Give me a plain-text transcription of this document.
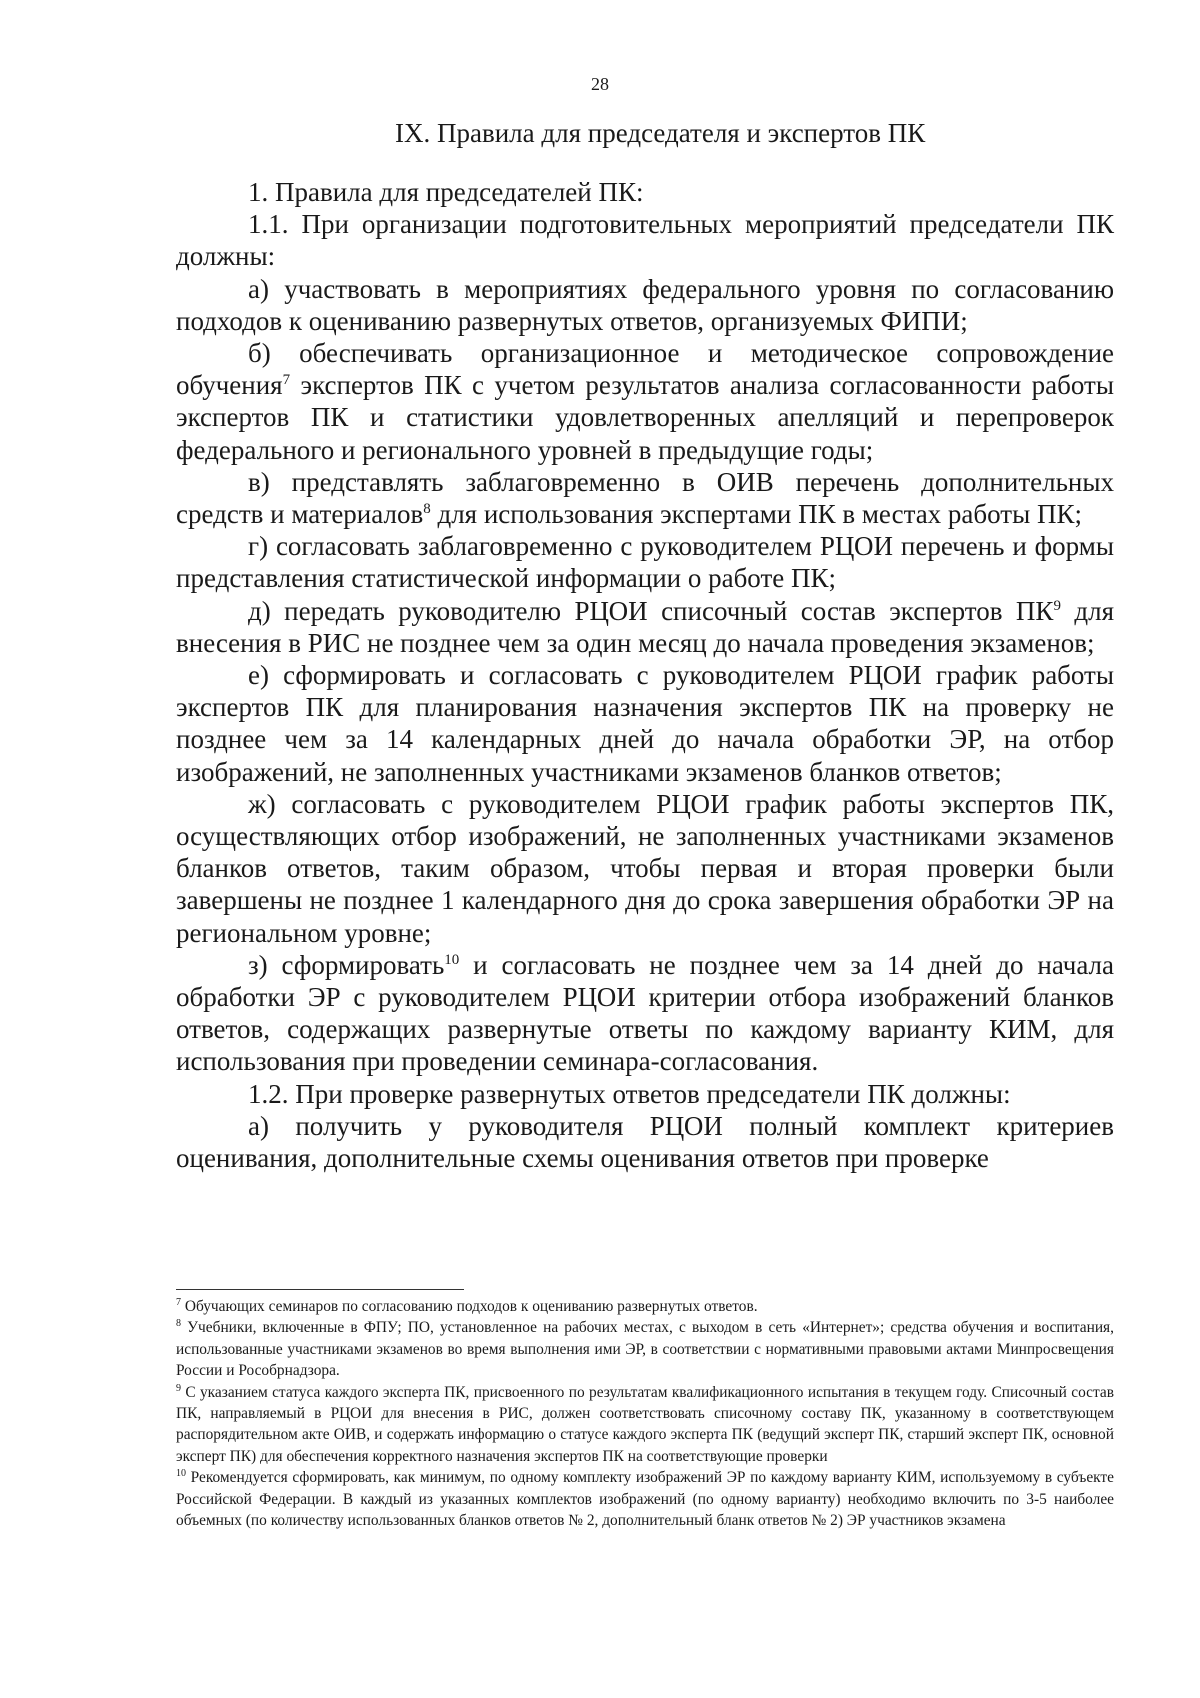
28
IX. Правила для председателя и экспертов ПК

1. Правила для председателей ПК:

1.1. При организации подготовительных мероприятий председатели ПК должны:

а) участвовать в мероприятиях федерального уровня по согласованию подходов к оцениванию развернутых ответов, организуемых ФИПИ;

б) обеспечивать организационное и методическое сопровождение обучения$^7$ экспертов ПК с учетом результатов анализа согласованности работы экспертов ПК и статистики удовлетворенных апелляций и перепроверок федерального и регионального уровней в предыдущие годы;

в) представлять заблаговременно в ОИВ перечень дополнительных средств и материалов$^8$ для использования экспертами ПК в местах работы ПК;

г) согласовать заблаговременно с руководителем РЦОИ перечень и формы представления статистической информации о работе ПК;

д) передать руководителю РЦОИ списочный состав экспертов $ПК^9$ для внесения в РИС не позднее чем за один месяц до начала проведения экзаменов;

е) сформировать и согласовать с руководителем РЦОИ график работы экспертов ПК для планирования назначения экспертов ПК на проверку не позднее чем за 14 календарных дней до начала обработки ЭР, на отбор изображений, не заполненных участниками экзаменов бланков ответов;

ж) согласовать с руководителем РЦОИ график работы экспертов ПК, осуществляющих отбор изображений, не заполненных участниками экзаменов бланков ответов, таким образом, чтобы первая и вторая проверки были завершены не позднее 1 календарного дня до срока завершения обработки ЭР на региональном уровне;

з) сформировать$^{10}$ и согласовать не позднее чем за 14 дней до начала обработки ЭР с руководителем РЦОИ критерии отбора изображений бланков ответов, содержащих развернутые ответы по каждому варианту КИМ, для использования при проведении семинара-согласования.

1.2. При проверке развернутых ответов председатели ПК должны:

а) получить у руководителя РЦОИ полный комплект критериев оценивания, дополнительные схемы оценивания ответов при проверке

$^7$ Обучающих семинаров по согласованию подходов к оцениванию развернутых ответов.

$^8$ Учебники, включенные в ФПУ; ПО, установленное на рабочих местах, с выходом в сеть «Интернет»; средства обучения и воспитания, использованные участниками экзаменов во время выполнения ими ЭР, в соответствии с нормативными правовыми актами Минпросвещения России и Рособрнадзора.

$^9$ С указанием статуса каждого эксперта ПК, присвоенного по результатам квалификационного испытания в текущем году. Списочный состав ПК, направляемый в РЦОИ для внесения в РИС, должен соответствовать списочному составу ПК, указанному в соответствующем распорядительном акте ОИВ, и содержать информацию о статусе каждого эксперта ПК (ведущий эксперт ПК, старший эксперт ПК, основной эксперт ПК) для обеспечения корректного назначения экспертов ПК на соответствующие проверки

$^{10}$ Рекомендуется сформировать, как минимум, по одному комплекту изображений ЭР по каждому варианту КИМ, используемому в субъекте Российской Федерации. В каждый из указанных комплектов изображений (по одному варианту) необходимо включить по 3-5 наиболее объемных (по количеству использованных бланков ответов № 2, дополнительный бланк ответов № 2) ЭР участников экзамена
